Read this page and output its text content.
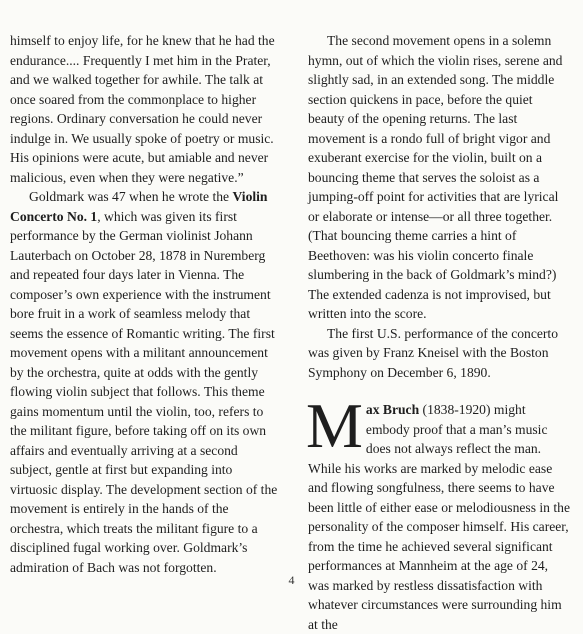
himself to enjoy life, for he knew that he had the endurance.... Frequently I met him in the Prater, and we walked together for awhile. The talk at once soared from the commonplace to higher regions. Ordinary conversation he could never indulge in. We usually spoke of poetry or music. His opinions were acute, but amiable and never malicious, even when they were negative.”

Goldmark was 47 when he wrote the Violin Concerto No. 1, which was given its first performance by the German violinist Johann Lauterbach on October 28, 1878 in Nuremberg and repeated four days later in Vienna. The composer’s own experience with the instrument bore fruit in a work of seamless melody that seems the essence of Romantic writing. The first movement opens with a militant announcement by the orchestra, quite at odds with the gently flowing violin subject that follows. This theme gains momentum until the violin, too, refers to the militant figure, before taking off on its own affairs and eventually arriving at a second subject, gentle at first but expanding into virtuosic display. The development section of the movement is entirely in the hands of the orchestra, which treats the militant figure to a disciplined fugal working over. Goldmark’s admiration of Bach was not forgotten.

The second movement opens in a solemn hymn, out of which the violin rises, serene and slightly sad, in an extended song. The middle section quickens in pace, before the quiet beauty of the opening returns. The last movement is a rondo full of bright vigor and exuberant exercise for the violin, built on a bouncing theme that serves the soloist as a jumping-off point for activities that are lyrical or elaborate or intense—or all three together. (That bouncing theme carries a hint of Beethoven: was his violin concerto finale slumbering in the back of Goldmark’s mind?) The extended cadenza is not improvised, but written into the score.

The first U.S. performance of the concerto was given by Franz Kneisel with the Boston Symphony on December 6, 1890.

Max Bruch (1838-1920) might embody proof that a man’s music does not always reflect the man. While his works are marked by melodic ease and flowing songfulness, there seems to have been little of either ease or melodiousness in the personality of the composer himself. His career, from the time he achieved several significant performances at Mannheim at the age of 24, was marked by restless dissatisfaction with whatever circumstances were surrounding him at the

4
